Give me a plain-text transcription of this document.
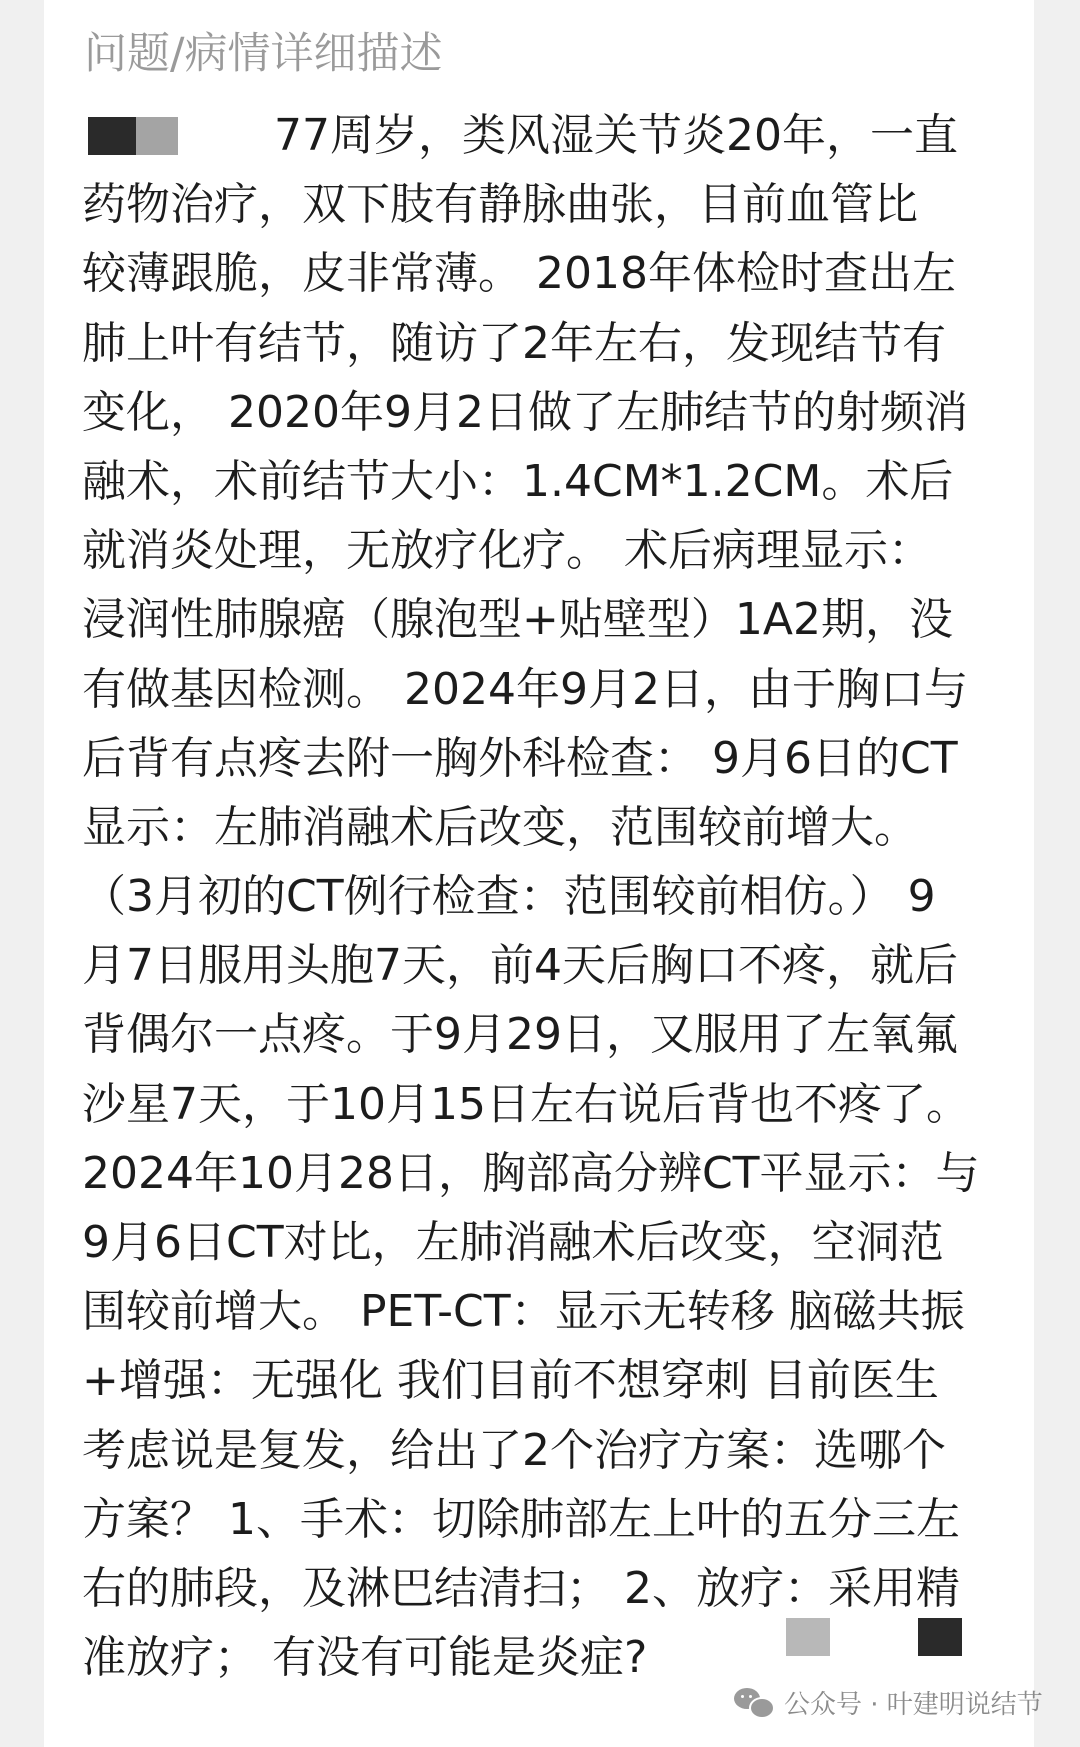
问题/病情详细描述
77周岁，类风湿关节炎20年，一直
药物治疗，双下肢有静脉曲张，目前血管比
较薄跟脆，皮非常薄。 2018年体检时查出左
肺上叶有结节，随访了2年左右，发现结节有
变化， 2020年9月2日做了左肺结节的射频消
融术，术前结节大小：1.4CM*1.2CM。术后
就消炎处理，无放疗化疗。 术后病理显示：
浸润性肺腺癌（腺泡型+贴壁型）1A2期，没
有做基因检测。 2024年9月2日，由于胸口与
后背有点疼去附一胸外科检查： 9月6日的CT
显示：左肺消融术后改变，范围较前增大。
（3月初的CT例行检查：范围较前相仿。） 9
月7日服用头胞7天，前4天后胸口不疼，就后
背偶尔一点疼。于9月29日，又服用了左氧氟
沙星7天，于10月15日左右说后背也不疼了。
2024年10月28日，胸部高分辨CT平显示：与
9月6日CT对比，左肺消融术后改变，空洞范
围较前增大。 PET-CT：显示无转移 脑磁共振
+增强：无强化 我们目前不想穿刺 目前医生
考虑说是复发，给出了2个治疗方案：选哪个
方案？ 1、手术：切除肺部左上叶的五分三左
右的肺段，及淋巴结清扫； 2、放疗：采用精
准放疗； 有没有可能是炎症?
公众号 · 叶建明说结节
